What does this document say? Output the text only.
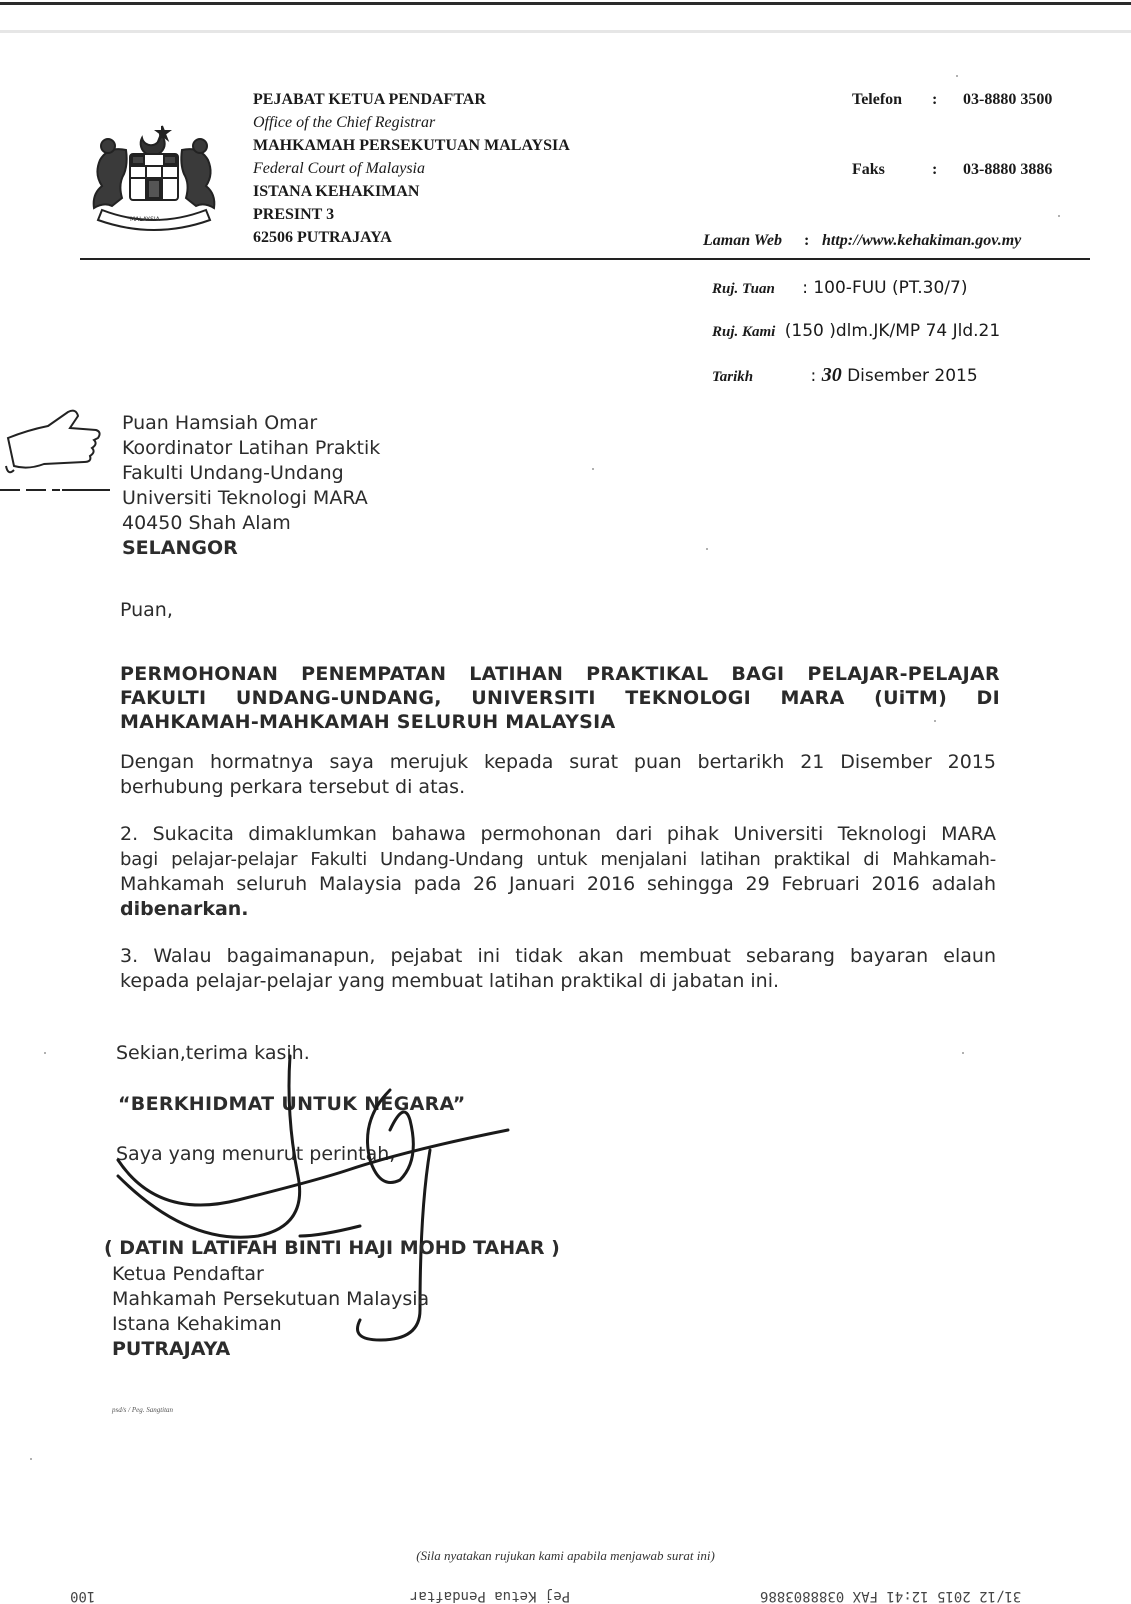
MALAYSIA
PEJABAT KETUA PENDAFTAR
Office of the Chief Registrar
MAHKAMAH PERSEKUTUAN MALAYSIA
Federal Court of Malaysia
ISTANA KEHAKIMAN
PRESINT 3
62506 PUTRAJAYA
Telefon : 03-8880 3500
Faks	: 03-8880 3886
Laman Web : http://www.kehakiman.gov.my
Ruj. Tuan : 100-FUU (PT.30/7)
Ruj. Kami (150 )dlm.JK/MP 74 Jld.21
Tarikh	: 30 Disember 2015
Puan Hamsiah Omar
Koordinator Latihan Praktik
Fakulti Undang-Undang
Universiti Teknologi MARA
40450 Shah Alam
SELANGOR
Puan,
PERMOHONAN PENEMPATAN LATIHAN PRAKTIKAL BAGI PELAJAR-PELAJAR
FAKULTI UNDANG-UNDANG, UNIVERSITI TEKNOLOGI MARA (UiTM) DI
MAHKAMAH-MAHKAMAH SELURUH MALAYSIA
Dengan hormatnya saya merujuk kepada surat puan bertarikh 21 Disember 2015
berhubung perkara tersebut di atas.
2. Sukacita dimaklumkan bahawa permohonan dari pihak Universiti Teknologi MARA
bagi pelajar-pelajar Fakulti Undang-Undang untuk menjalani latihan praktikal di Mahkamah-
Mahkamah seluruh Malaysia pada 26 Januari 2016 sehingga 29 Februari 2016 adalah
dibenarkan.
3. Walau bagaimanapun, pejabat ini tidak akan membuat sebarang bayaran elaun
kepada pelajar-pelajar yang membuat latihan praktikal di jabatan ini.
Sekian,terima kasih.
“BERKHIDMAT UNTUK NEGARA”
Saya yang menurut perintah,
( DATIN LATIFAH BINTI HAJI MOHD TAHAR )
Ketua Pendaftar
Mahkamah Persekutuan Malaysia
Istana Kehakiman
PUTRAJAYA
psd/s / Peg. Sangtitan
(Sila nyatakan rujukan kami apabila menjawab surat ini)
100	Pej Ketua Pendaftar	31/12 2015 12:41 FAX 0388803886
